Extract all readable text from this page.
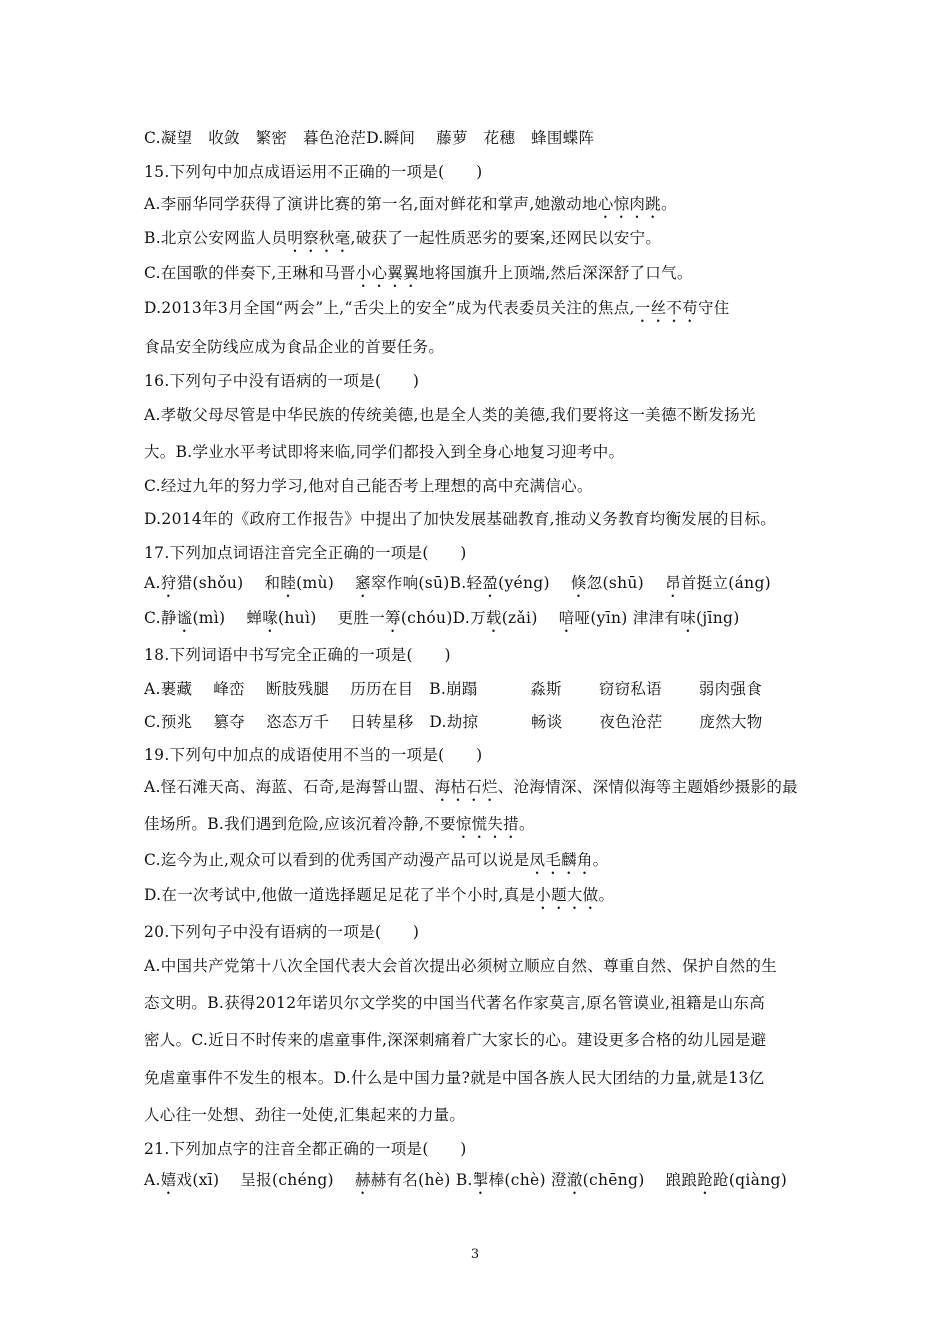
C.凝望　收敛　繁密　暮色沧茫D.瞬间　 藤萝　花穗　蜂围蝶阵
15.下列句中加点成语运用不正确的一项是(　　)
A.李丽华同学获得了演讲比赛的第一名,面对鲜花和掌声,她激动地心惊肉跳。
B.北京公安网监人员明察秋毫,破获了一起性质恶劣的要案,还网民以安宁。
C.在国歌的伴奏下,王琳和马晋小心翼翼地将国旗升上顶端,然后深深舒了口气。
D.2013年3月全国“两会”上,“舌尖上的安全”成为代表委员关注的焦点,一丝不苟守住
食品安全防线应成为食品企业的首要任务。
16.下列句子中没有语病的一项是(　　)
A.孝敬父母尽管是中华民族的传统美德,也是全人类的美德,我们要将这一美德不断发扬光
大。B.学业水平考试即将来临,同学们都投入到全身心地复习迎考中。
C.经过九年的努力学习,他对自己能否考上理想的高中充满信心。
D.2014年的《政府工作报告》中提出了加快发展基础教育,推动义务教育均衡发展的目标。
17.下列加点词语注音完全正确的一项是(　　)
A.狩猎(shǒu)　 和睦(mù)　 窸窣作响(sū)B.轻盈(yéng)　 倏忽(shū)　 昂首挺立(áng)
C.静谧(mì)　 蝉喙(huì)　 更胜一筹(chóu)D.万载(zǎi)　 喑哑(yīn) 津津有味(jīng)
18.下列词语中书写完全正确的一项是(　　)
A.裹藏　 峰峦　 断肢残腿　 历历在目　B.崩蹋　　　 淼斯　　 窃窃私语　　 弱肉强食
C.预兆　 篡夺　 恣态万千　 日转星移　D.劫掠　　　 畅谈　　 夜色沧茫　　 庞然大物
19.下列句中加点的成语使用不当的一项是(　　)
A.怪石滩天高、海蓝、石奇,是海誓山盟、海枯石烂、沧海情深、深情似海等主题婚纱摄影的最
佳场所。B.我们遇到危险,应该沉着冷静,不要惊慌失措。
C.迄今为止,观众可以看到的优秀国产动漫产品可以说是凤毛麟角。
D.在一次考试中,他做一道选择题足足花了半个小时,真是小题大做。
20.下列句子中没有语病的一项是(　　)
A.中国共产党第十八次全国代表大会首次提出必须树立顺应自然、尊重自然、保护自然的生
态文明。B.获得2012年诺贝尔文学奖的中国当代著名作家莫言,原名管谟业,祖籍是山东高
密人。C.近日不时传来的虐童事件,深深刺痛着广大家长的心。建设更多合格的幼儿园是避
免虐童事件不发生的根本。D.什么是中国力量?就是中国各族人民大团结的力量,就是13亿
人心往一处想、劲往一处使,汇集起来的力量。
21.下列加点字的注音全都正确的一项是(　　)
A.嬉戏(xī)　 呈报(chéng)　 赫赫有名(hè) B.掣棒(chè) 澄澈(chēng)　 踉踉跄跄(qiàng)
3
